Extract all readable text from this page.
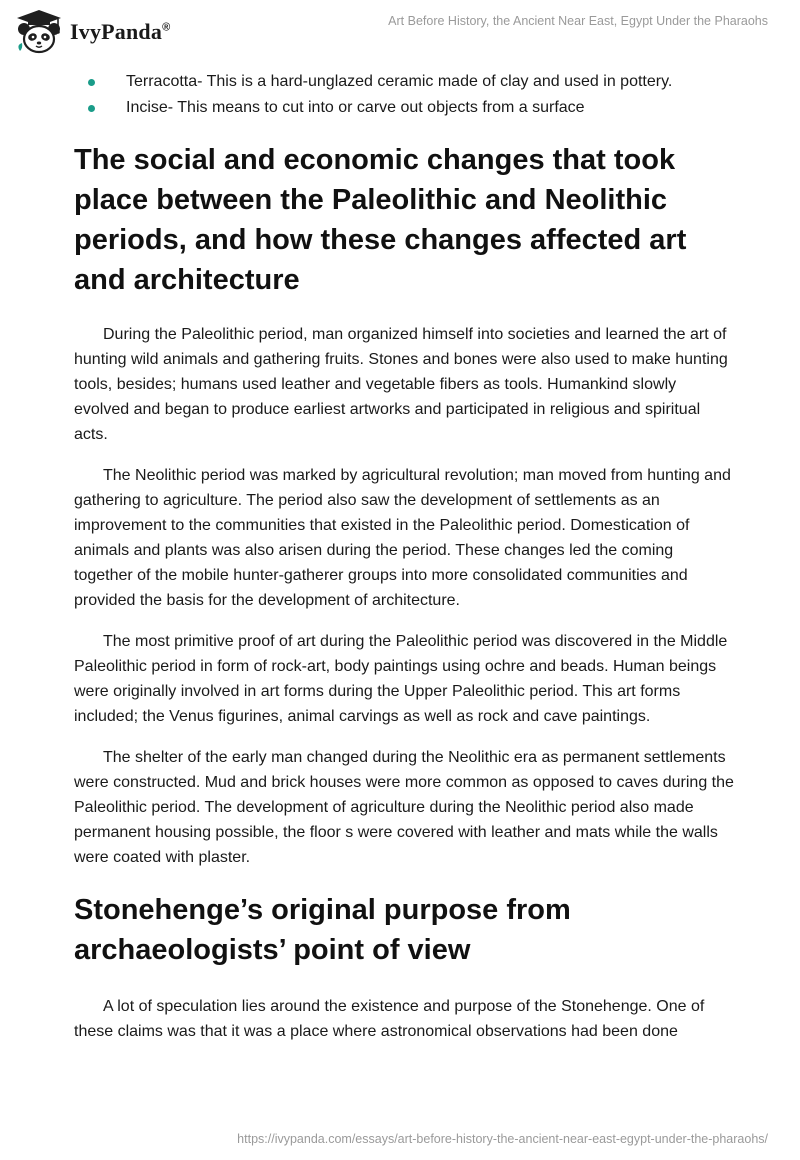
IvyPanda®	Art Before History, the Ancient Near East, Egypt Under the Pharaohs
Terracotta- This is a hard-unglazed ceramic made of clay and used in pottery.
Incise- This means to cut into or carve out objects from a surface
The social and economic changes that took place between the Paleolithic and Neolithic periods, and how these changes affected art and architecture

During the Paleolithic period, man organized himself into societies and learned the art of hunting wild animals and gathering fruits. Stones and bones were also used to make hunting tools, besides; humans used leather and vegetable fibers as tools. Humankind slowly evolved and began to produce earliest artworks and participated in religious and spiritual acts.

The Neolithic period was marked by agricultural revolution; man moved from hunting and gathering to agriculture. The period also saw the development of settlements as an improvement to the communities that existed in the Paleolithic period. Domestication of animals and plants was also arisen during the period. These changes led the coming together of the mobile hunter-gatherer groups into more consolidated communities and provided the basis for the development of architecture.

The most primitive proof of art during the Paleolithic period was discovered in the Middle Paleolithic period in form of rock-art, body paintings using ochre and beads. Human beings were originally involved in art forms during the Upper Paleolithic period. This art forms included; the Venus figurines, animal carvings as well as rock and cave paintings.

The shelter of the early man changed during the Neolithic era as permanent settlements were constructed. Mud and brick houses were more common as opposed to caves during the Paleolithic period. The development of agriculture during the Neolithic period also made permanent housing possible, the floor s were covered with leather and mats while the walls were coated with plaster.

Stonehenge’s original purpose from archaeologists’ point of view

A lot of speculation lies around the existence and purpose of the Stonehenge. One of these claims was that it was a place where astronomical observations had been done

https://ivypanda.com/essays/art-before-history-the-ancient-near-east-egypt-under-the-pharaohs/
